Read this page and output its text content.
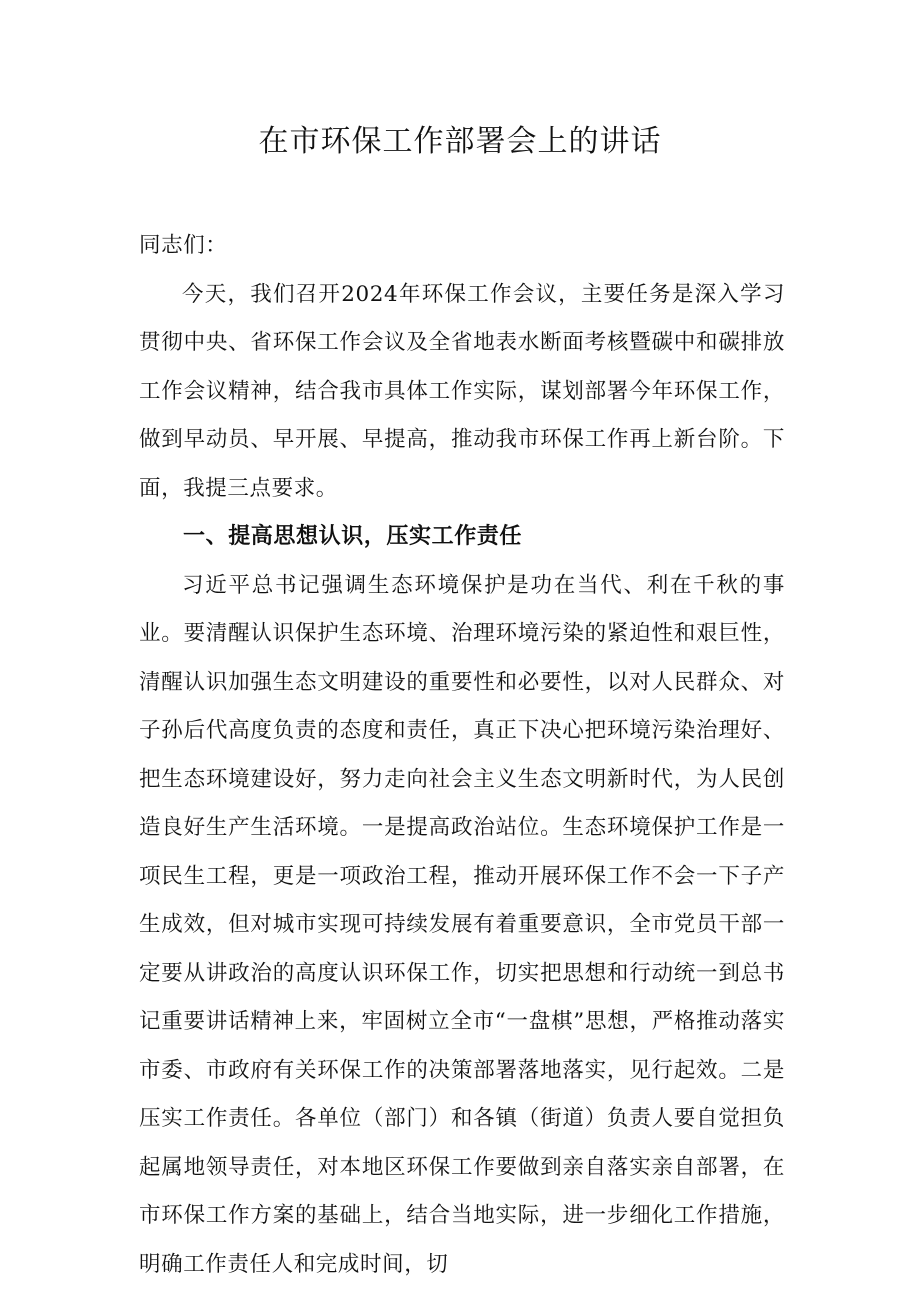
在市环保工作部署会上的讲话

同志们：

今天，我们召开2024年环保工作会议，主要任务是深入学习贯彻中央、省环保工作会议及全省地表水断面考核暨碳中和碳排放工作会议精神，结合我市具体工作实际，谋划部署今年环保工作，做到早动员、早开展、早提高，推动我市环保工作再上新台阶。下面，我提三点要求。

一、提高思想认识，压实工作责任

习近平总书记强调生态环境保护是功在当代、利在千秋的事业。要清醒认识保护生态环境、治理环境污染的紧迫性和艰巨性，清醒认识加强生态文明建设的重要性和必要性，以对人民群众、对子孙后代高度负责的态度和责任，真正下决心把环境污染治理好、把生态环境建设好，努力走向社会主义生态文明新时代，为人民创造良好生产生活环境。一是提高政治站位。生态环境保护工作是一项民生工程，更是一项政治工程，推动开展环保工作不会一下子产生成效，但对城市实现可持续发展有着重要意识，全市党员干部一定要从讲政治的高度认识环保工作，切实把思想和行动统一到总书记重要讲话精神上来，牢固树立全市“一盘棋”思想，严格推动落实市委、市政府有关环保工作的决策部署落地落实，见行起效。二是压实工作责任。各单位（部门）和各镇（街道）负责人要自觉担负起属地领导责任，对本地区环保工作要做到亲自落实亲自部署，在市环保工作方案的基础上，结合当地实际，进一步细化工作措施，明确工作责任人和完成时间，切
